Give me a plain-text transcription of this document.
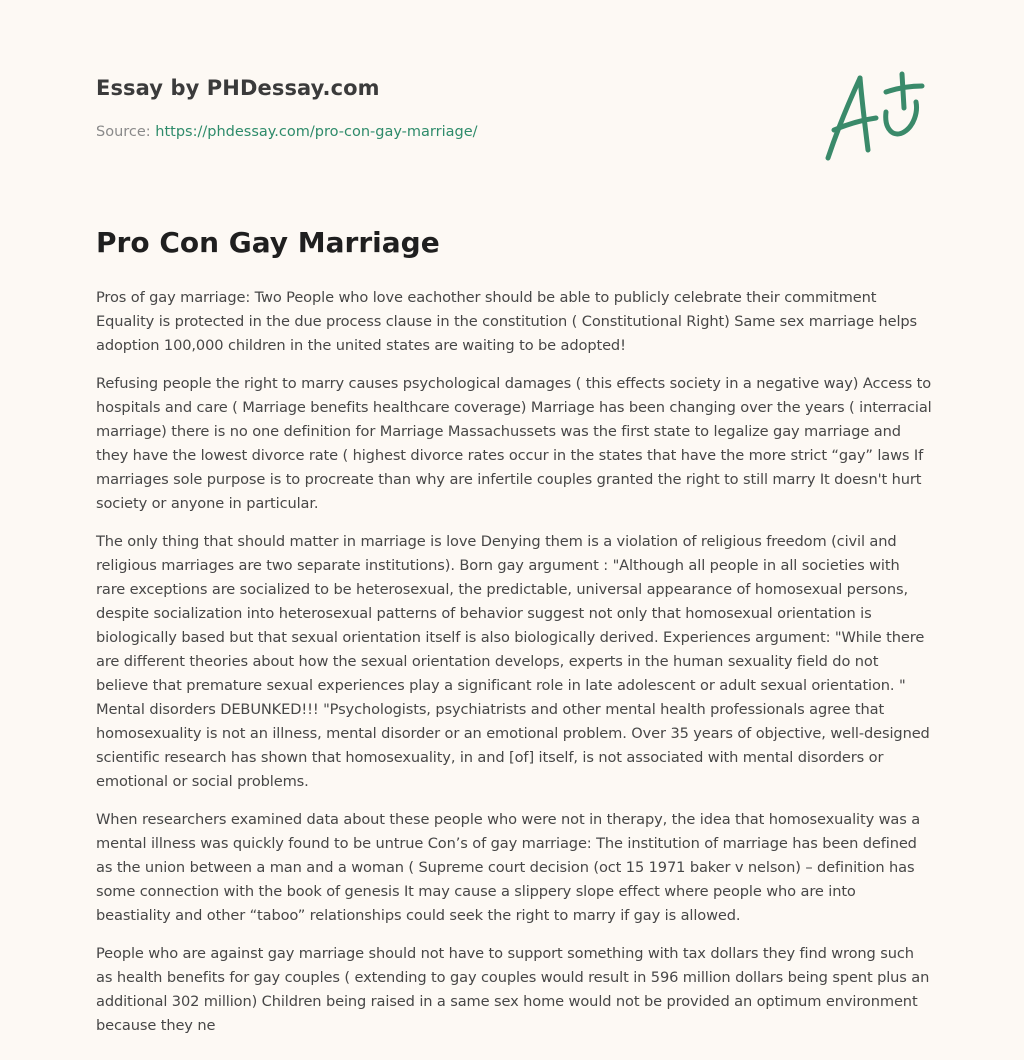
Essay by PHDessay.com
Source: https://phdessay.com/pro-con-gay-marriage/
Pro Con Gay Marriage

Pros of gay marriage: Two People who love eachother should be able to publicly celebrate their commitment Equality is protected in the due process clause in the constitution ( Constitutional Right) Same sex marriage helps adoption 100,000 children in the united states are waiting to be adopted!

Refusing people the right to marry causes psychological damages ( this effects society in a negative way) Access to hospitals and care ( Marriage benefits healthcare coverage) Marriage has been changing over the years ( interracial marriage) there is no one definition for Marriage Massachussets was the first state to legalize gay marriage and they have the lowest divorce rate ( highest divorce rates occur in the states that have the more strict “gay” laws If marriages sole purpose is to procreate than why are infertile couples granted the right to still marry It doesn't hurt society or anyone in particular.

The only thing that should matter in marriage is love Denying them is a violation of religious freedom (civil and religious marriages are two separate institutions). Born gay argument : "Although all people in all societies with rare exceptions are socialized to be heterosexual, the predictable, universal appearance of homosexual persons, despite socialization into heterosexual patterns of behavior suggest not only that homosexual orientation is biologically based but that sexual orientation itself is also biologically derived. Experiences argument: "While there are different theories about how the sexual orientation develops, experts in the human sexuality field do not believe that premature sexual experiences play a significant role in late adolescent or adult sexual orientation. " Mental disorders DEBUNKED!!! "Psychologists, psychiatrists and other mental health professionals agree that homosexuality is not an illness, mental disorder or an emotional problem. Over 35 years of objective, well-designed scientific research has shown that homosexuality, in and [of] itself, is not associated with mental disorders or emotional or social problems.

When researchers examined data about these people who were not in therapy, the idea that homosexuality was a mental illness was quickly found to be untrue Con’s of gay marriage: The institution of marriage has been defined as the union between a man and a woman ( Supreme court decision (oct 15 1971 baker v nelson) – definition has some connection with the book of genesis It may cause a slippery slope effect where people who are into beastiality and other “taboo” relationships could seek the right to marry if gay is allowed.

People who are against gay marriage should not have to support something with tax dollars they find wrong such as health benefits for gay couples ( extending to gay couples would result in 596 million dollars being spent plus an additional 302 million) Children being raised in a same sex home would not be provided an optimum environment because they ne
